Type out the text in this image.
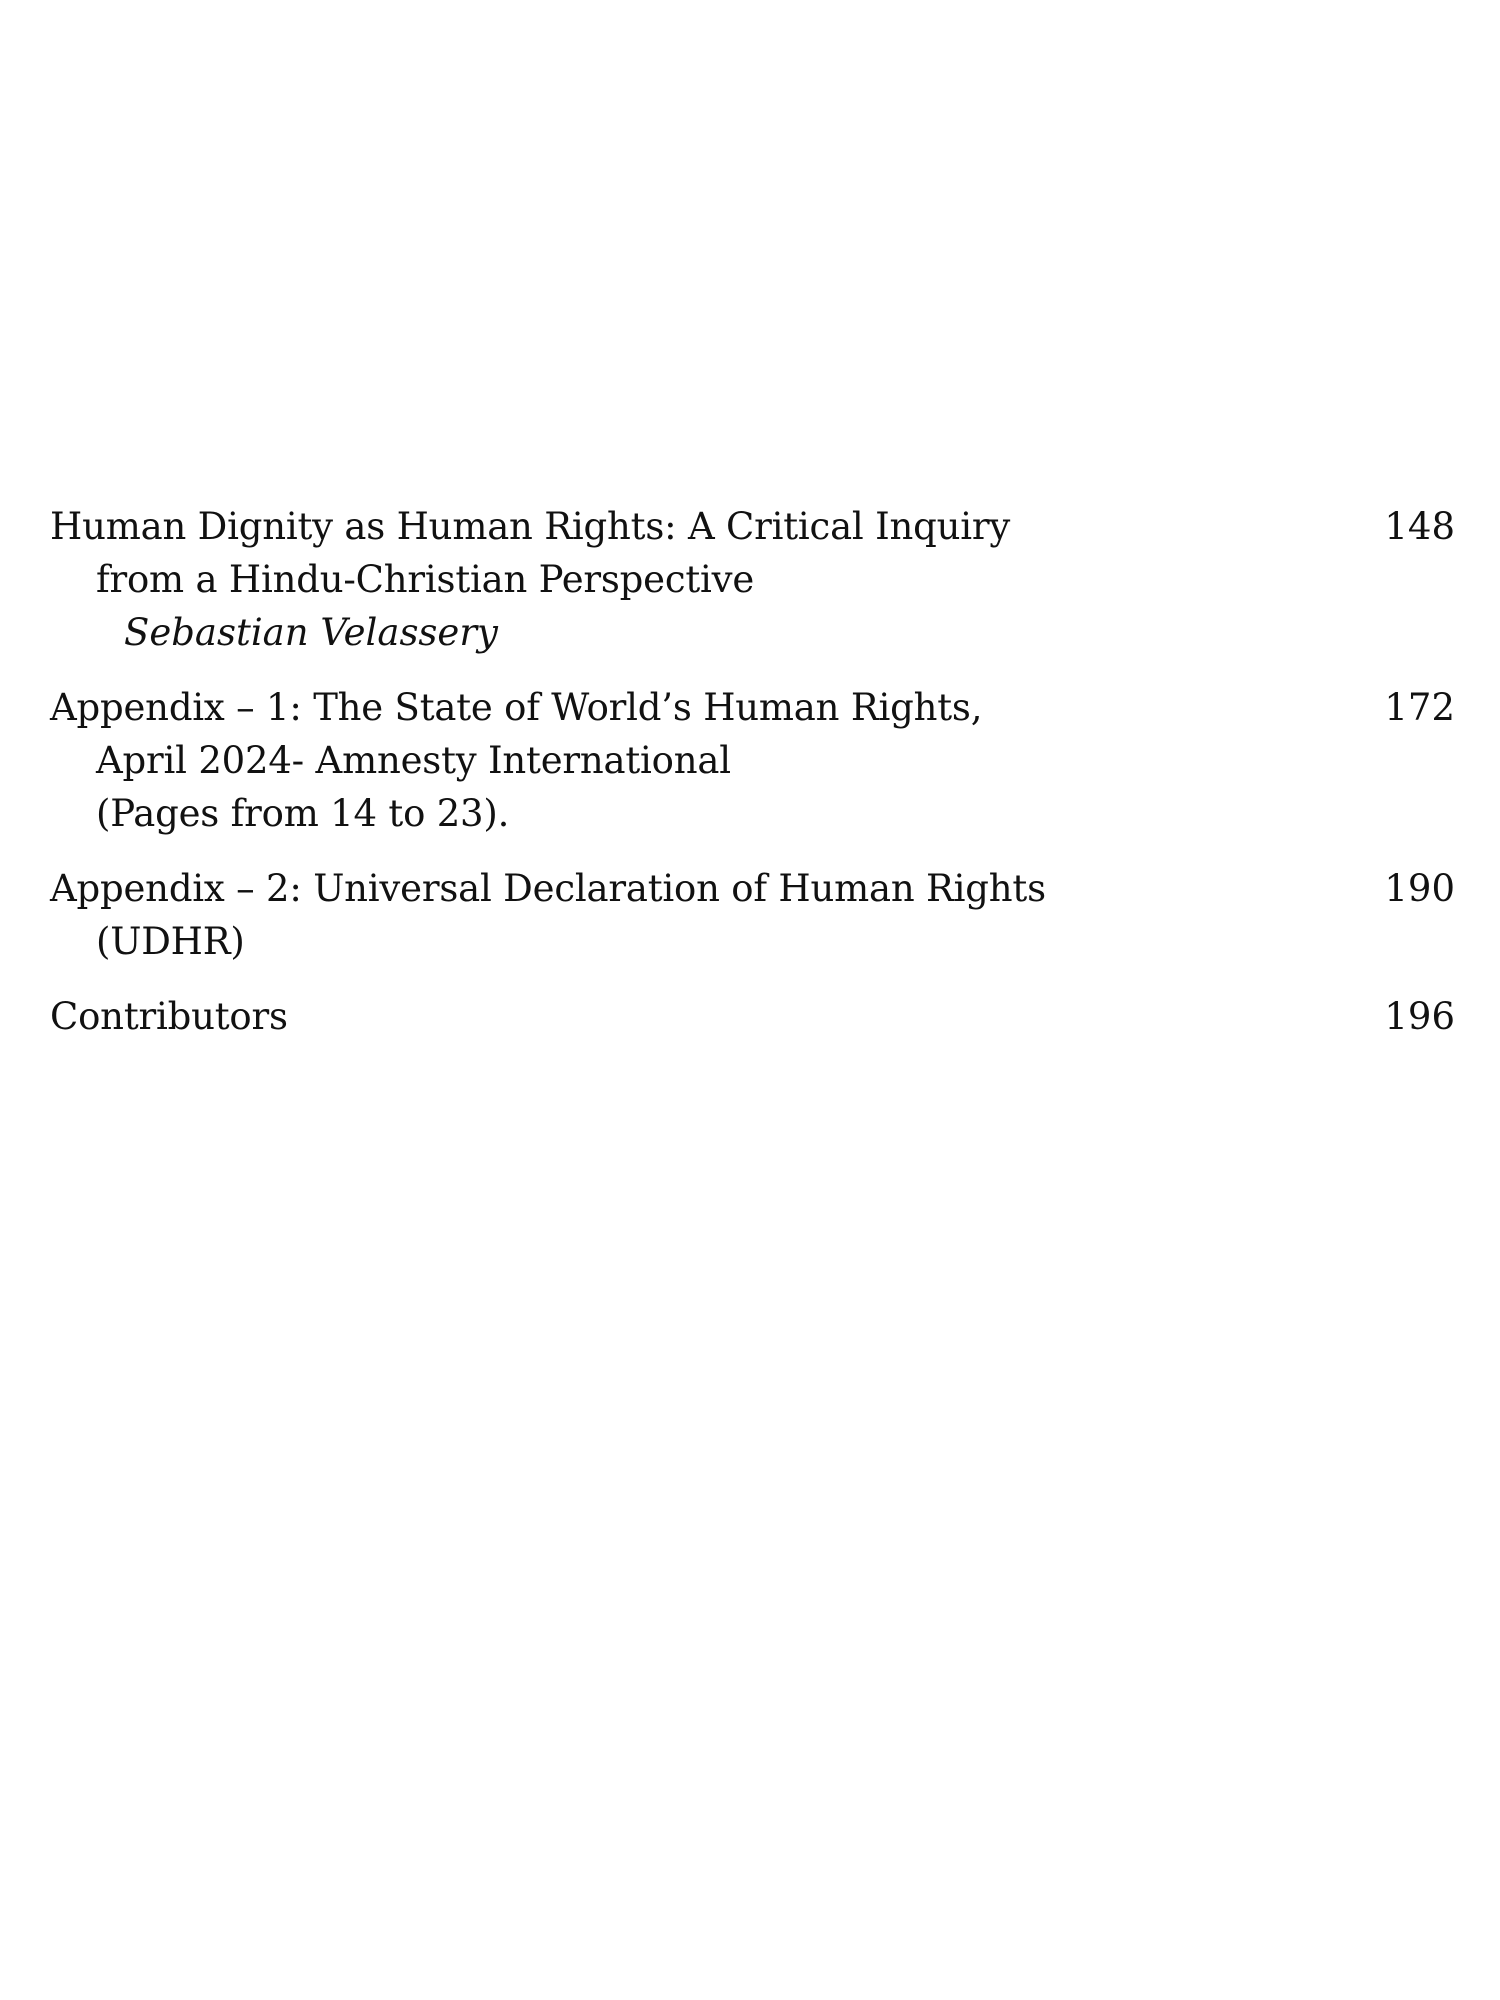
Human Dignity as Human Rights: A Critical Inquiry
from a Hindu-Christian Perspective
Sebastian Velassery
148
Appendix – 1: The State of World’s Human Rights,
April 2024- Amnesty International
(Pages from 14 to 23).
172
Appendix – 2: Universal Declaration of Human Rights
(UDHR)
190
Contributors	196
